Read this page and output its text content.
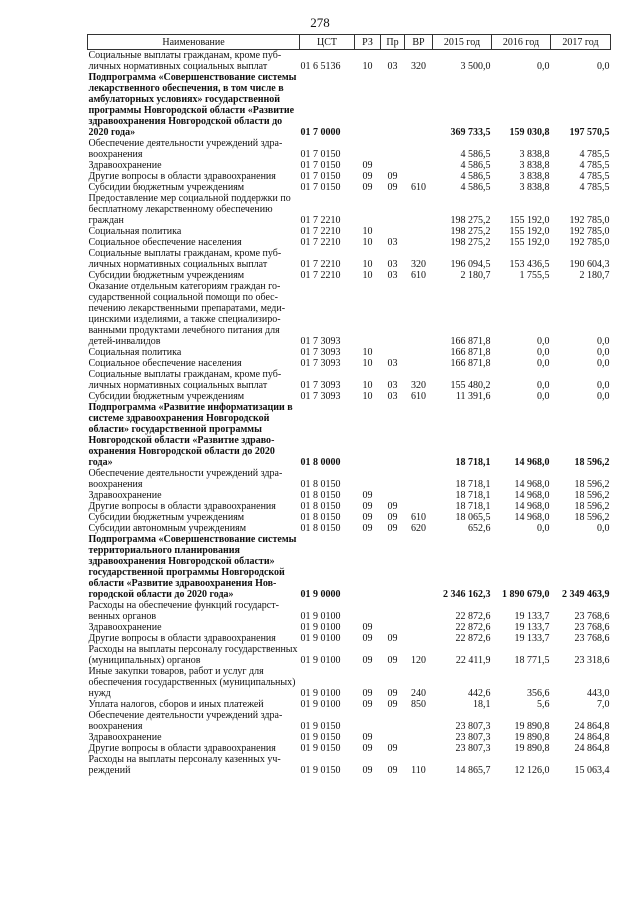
278
Наименование	ЦСТ	РЗ	Пр	ВР	2015 год	2016 год	2017 год
Социальные выплаты гражданам, кроме публичных нормативных социальных выплат	01 6 5136	10	03	320	3 500,0	0,0	0,0
Подпрограмма «Совершенствование системы лекарственного обеспечения, в том числе в амбулаторных условиях» государственной программы Новгородской области «Развитие здравоохранения Новгородской области до 2020 года»	01 7 0000				369 733,5	159 030,8	197 570,5
Обеспечение деятельности учреждений здравоохранения	01 7 0150				4 586,5	3 838,8	4 785,5
Здравоохранение	01 7 0150	09			4 586,5	3 838,8	4 785,5
Другие вопросы в области здравоохранения	01 7 0150	09	09		4 586,5	3 838,8	4 785,5
Субсидии бюджетным учреждениям	01 7 0150	09	09	610	4 586,5	3 838,8	4 785,5
Предоставление мер социальной поддержки по бесплатному лекарственному обеспечению граждан	01 7 2210				198 275,2	155 192,0	192 785,0
Социальная политика	01 7 2210	10			198 275,2	155 192,0	192 785,0
Социальное обеспечение населения	01 7 2210	10	03		198 275,2	155 192,0	192 785,0
Социальные выплаты гражданам, кроме публичных нормативных социальных выплат	01 7 2210	10	03	320	196 094,5	153 436,5	190 604,3
Субсидии бюджетным учреждениям	01 7 2210	10	03	610	2 180,7	1 755,5	2 180,7
Оказание отдельным категориям граждан государственной социальной помощи по обеспечению лекарственными препаратами, медицинскими изделиями, а также специализированными продуктами лечебного питания для детей-инвалидов	01 7 3093				166 871,8	0,0	0,0
Социальная политика	01 7 3093	10			166 871,8	0,0	0,0
Социальное обеспечение населения	01 7 3093	10	03		166 871,8	0,0	0,0
Социальные выплаты гражданам, кроме публичных нормативных социальных выплат	01 7 3093	10	03	320	155 480,2	0,0	0,0
Субсидии бюджетным учреждениям	01 7 3093	10	03	610	11 391,6	0,0	0,0
Подпрограмма «Развитие информатизации в системе здравоохранения Новгородской области» государственной программы Новгородской области «Развитие здравоохранения Новгородской области до 2020 года»	01 8 0000				18 718,1	14 968,0	18 596,2
Обеспечение деятельности учреждений здравоохранения	01 8 0150				18 718,1	14 968,0	18 596,2
Здравоохранение	01 8 0150	09			18 718,1	14 968,0	18 596,2
Другие вопросы в области здравоохранения	01 8 0150	09	09		18 718,1	14 968,0	18 596,2
Субсидии бюджетным учреждениям	01 8 0150	09	09	610	18 065,5	14 968,0	18 596,2
Субсидии автономным учреждениям	01 8 0150	09	09	620	652,6	0,0	0,0
Подпрограмма «Совершенствование системы территориального планирования здравоохранения Новгородской области» государственной программы Новгородской области «Развитие здравоохранения Новгородской области до 2020 года»	01 9 0000				2 346 162,3	1 890 679,0	2 349 463,9
Расходы на обеспечение функций государственных органов	01 9 0100				22 872,6	19 133,7	23 768,6
Здравоохранение	01 9 0100	09			22 872,6	19 133,7	23 768,6
Другие вопросы в области здравоохранения	01 9 0100	09	09		22 872,6	19 133,7	23 768,6
Расходы на выплаты персоналу государственных (муниципальных) органов	01 9 0100	09	09	120	22 411,9	18 771,5	23 318,6
Иные закупки товаров, работ и услуг для обеспечения государственных (муниципальных) нужд	01 9 0100	09	09	240	442,6	356,6	443,0
Уплата налогов, сборов и иных платежей	01 9 0100	09	09	850	18,1	5,6	7,0
Обеспечение деятельности учреждений здравоохранения	01 9 0150				23 807,3	19 890,8	24 864,8
Здравоохранение	01 9 0150	09			23 807,3	19 890,8	24 864,8
Другие вопросы в области здравоохранения	01 9 0150	09	09		23 807,3	19 890,8	24 864,8
Расходы на выплаты персоналу казенных учреждений	01 9 0150	09	09	110	14 865,7	12 126,0	15 063,4
